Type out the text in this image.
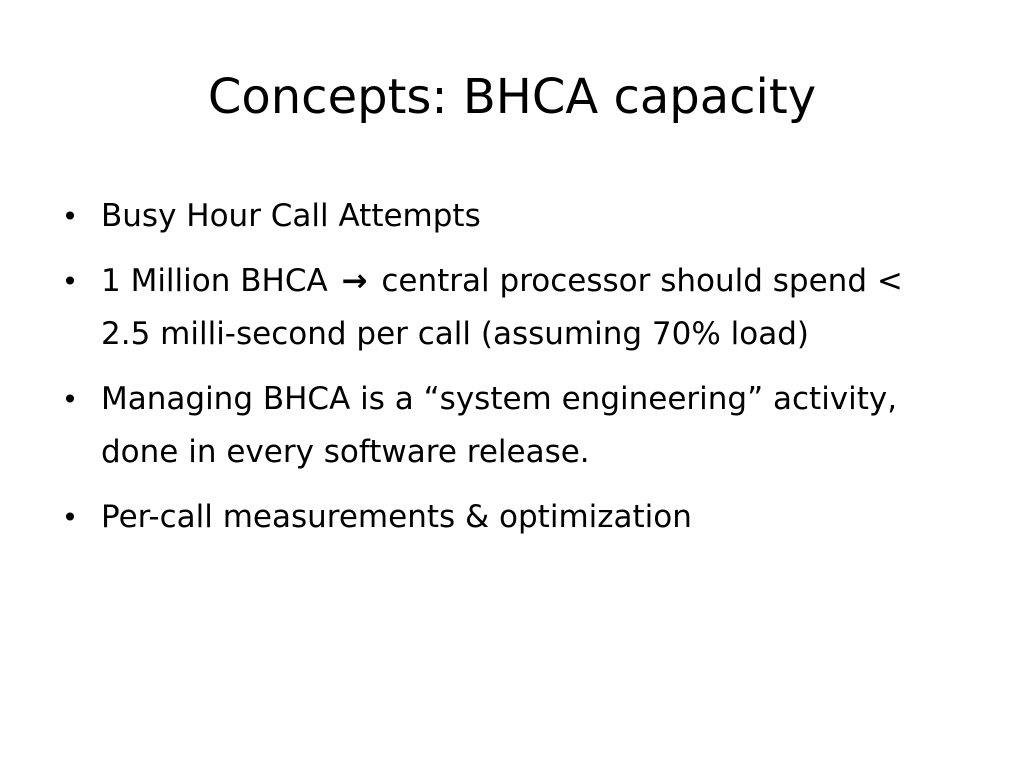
Concepts: BHCA capacity
• Busy Hour Call Attempts
• 1 Million BHCA → central processor should spend < 2.5 milli-second per call (assuming 70% load)
• Managing BHCA is a “system engineering” activity, done in every software release.
• Per-call measurements & optimization
